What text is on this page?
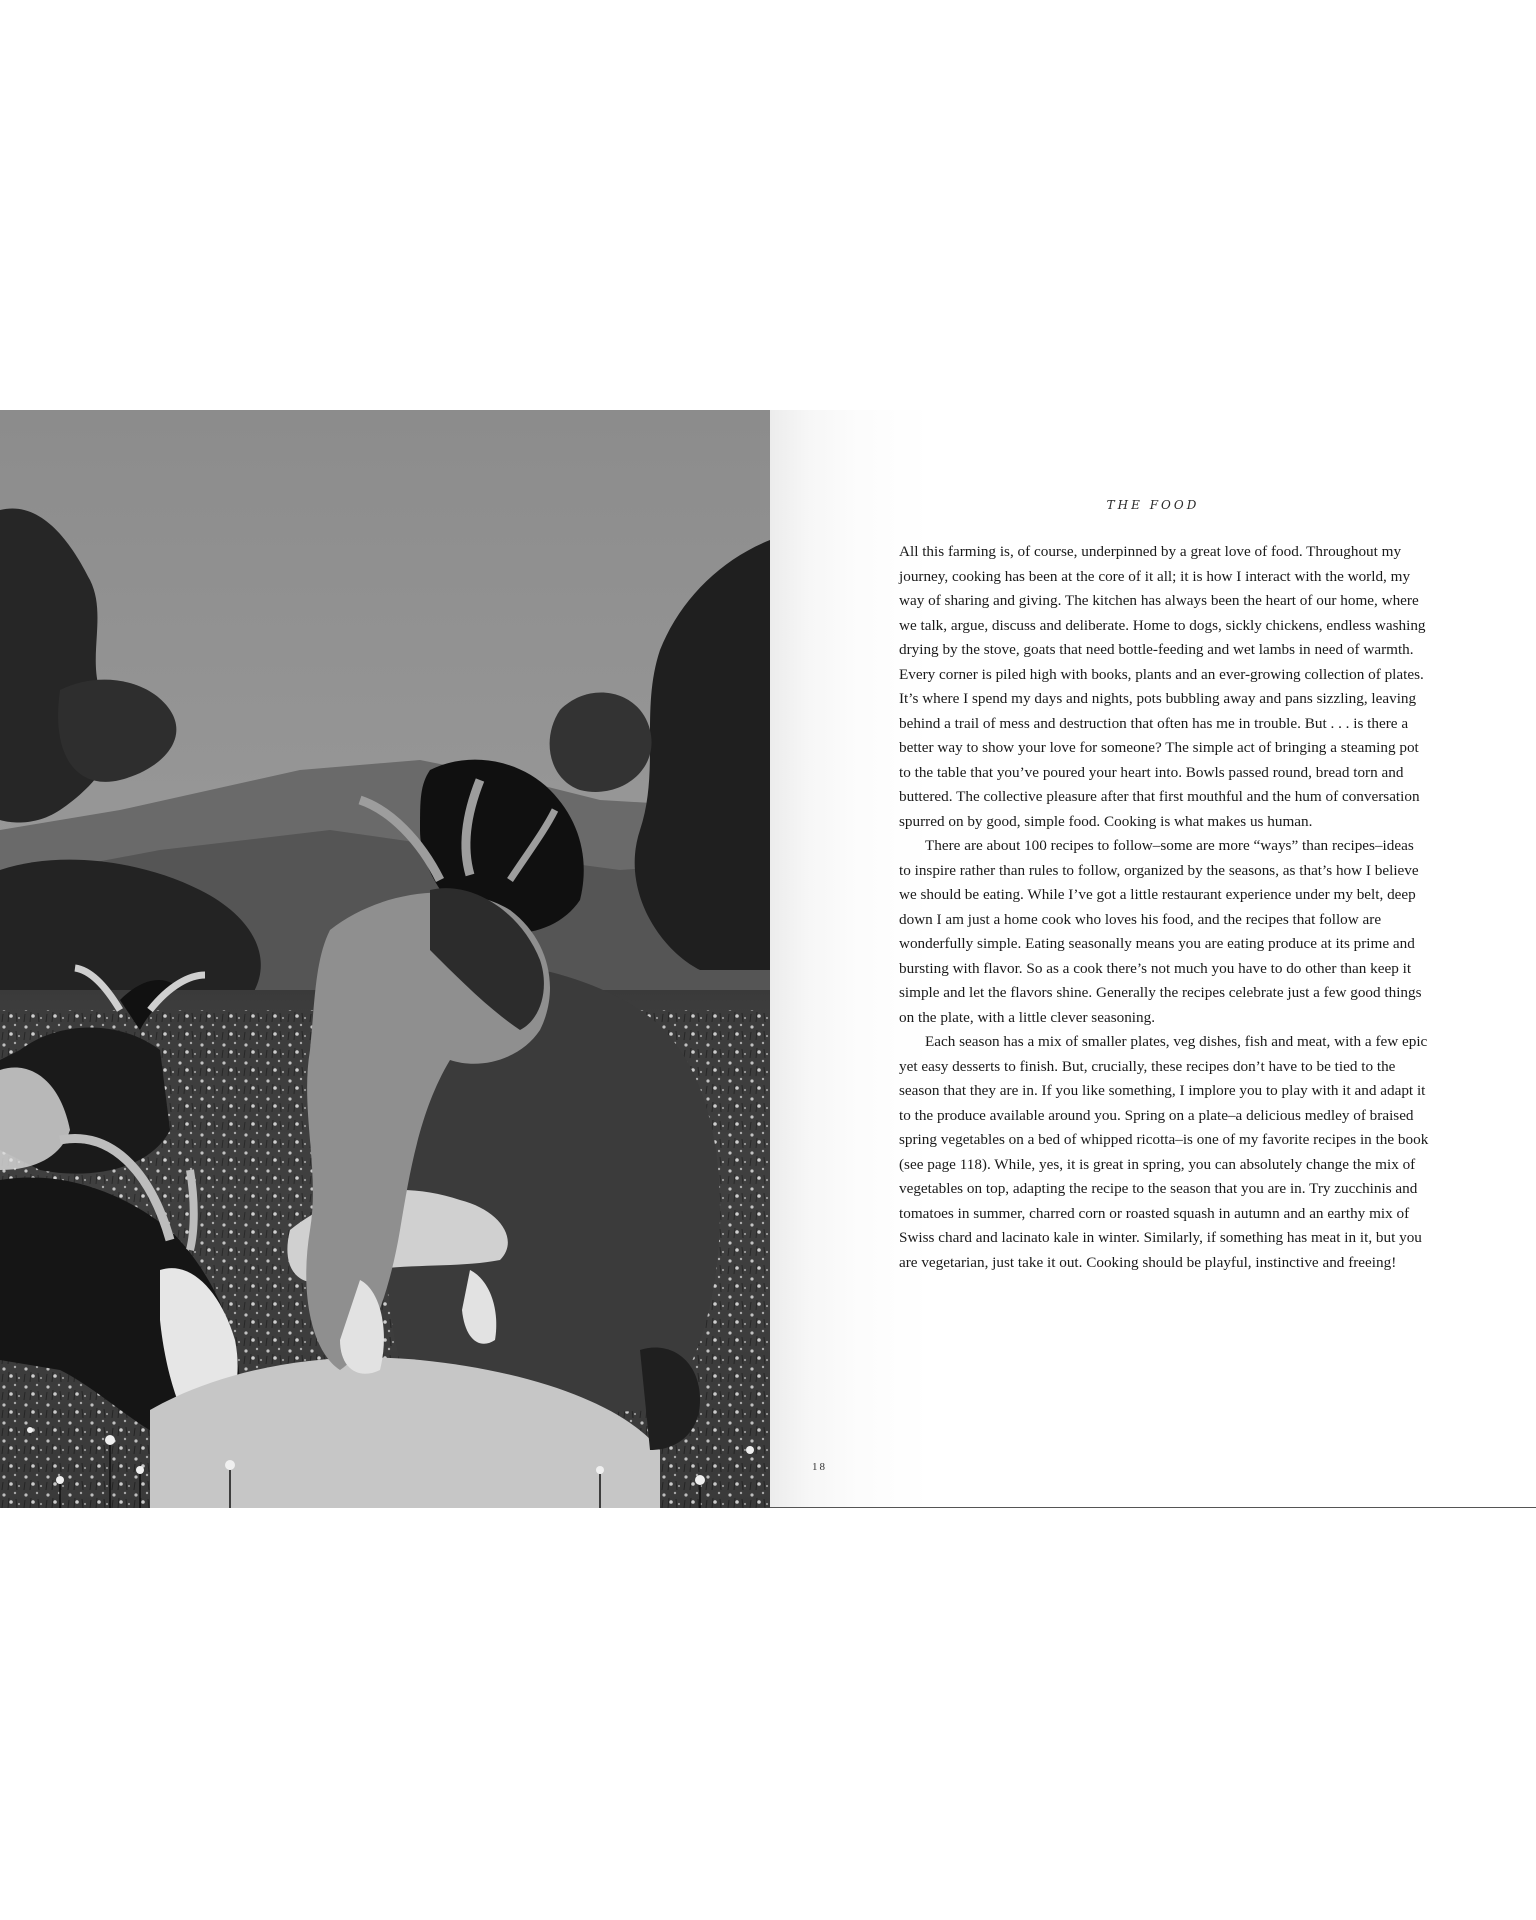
THE FOOD

All this farming is, of course, underpinned by a great love of food. Throughout my journey, cooking has been at the core of it all; it is how I interact with the world, my way of sharing and giving. The kitchen has always been the heart of our home, where we talk, argue, discuss and deliberate. Home to dogs, sickly chickens, endless washing drying by the stove, goats that need bottle-feeding and wet lambs in need of warmth. Every corner is piled high with books, plants and an ever-growing collection of plates. It’s where I spend my days and nights, pots bubbling away and pans sizzling, leaving behind a trail of mess and destruction that often has me in trouble. But . . . is there a better way to show your love for someone? The simple act of bringing a steaming pot to the table that you’ve poured your heart into. Bowls passed round, bread torn and buttered. The collective pleasure after that first mouthful and the hum of conversation spurred on by good, simple food. Cooking is what makes us human.

There are about 100 recipes to follow–some are more “ways” than recipes–ideas to inspire rather than rules to follow, organized by the seasons, as that’s how I believe we should be eating. While I’ve got a little restaurant experience under my belt, deep down I am just a home cook who loves his food, and the recipes that follow are wonderfully simple. Eating seasonally means you are eating produce at its prime and bursting with flavor. So as a cook there’s not much you have to do other than keep it simple and let the flavors shine. Generally the recipes celebrate just a few good things on the plate, with a little clever seasoning.

Each season has a mix of smaller plates, veg dishes, fish and meat, with a few epic yet easy desserts to finish. But, crucially, these recipes don’t have to be tied to the season that they are in. If you like something, I implore you to play with it and adapt it to the produce available around you. Spring on a plate–a delicious medley of braised spring vegetables on a bed of whipped ricotta–is one of my favorite recipes in the book (see page 118). While, yes, it is great in spring, you can absolutely change the mix of vegetables on top, adapting the recipe to the season that you are in. Try zucchinis and tomatoes in summer, charred corn or roasted squash in autumn and an earthy mix of Swiss chard and lacinato kale in winter. Similarly, if something has meat in it, but you are vegetarian, just take it out. Cooking should be playful, instinctive and freeing!

18
